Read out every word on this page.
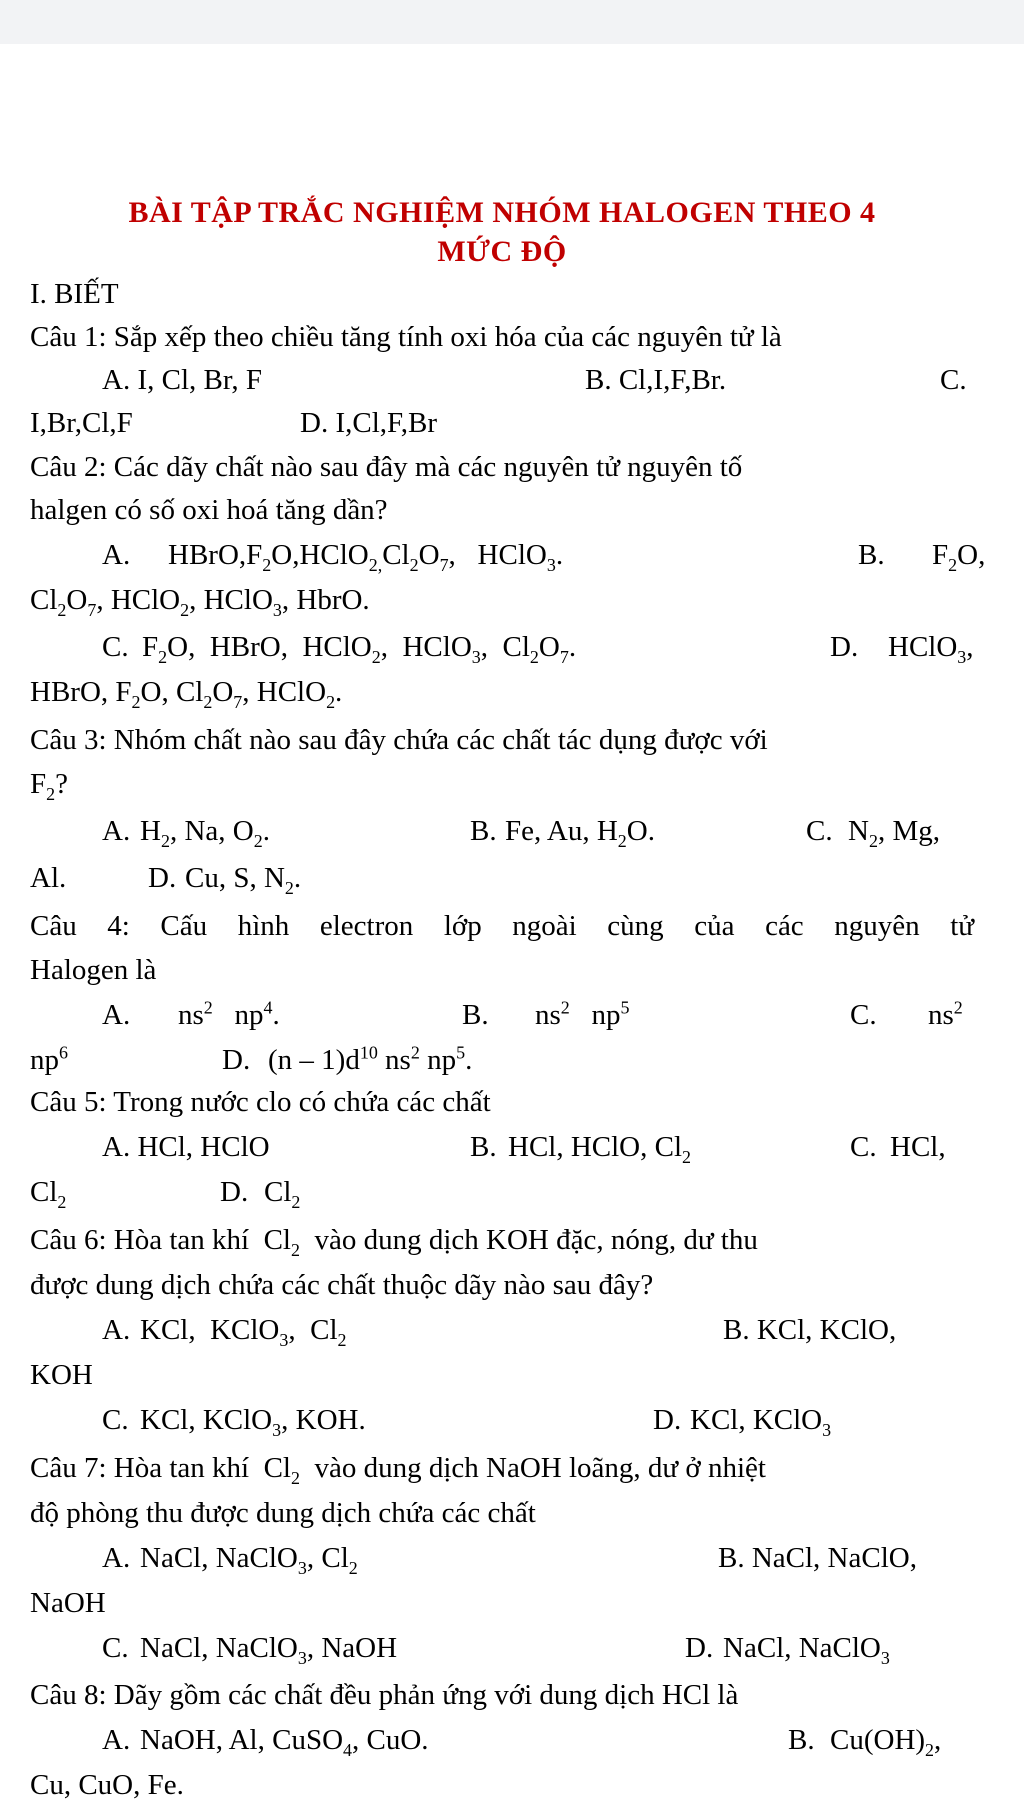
BÀI TẬP TRẮC NGHIỆM NHÓM HALOGEN THEO 4
MỨC ĐỘ
I. BIẾT
Câu 1: Sắp xếp theo chiều tăng tính oxi hóa của các nguyên tử là
A. I, Cl, Br, F	B. Cl,I,F,Br.	C.
I,Br,Cl,F	D. I,Cl,F,Br
Câu 2: Các dãy chất nào sau đây mà các nguyên tử nguyên tố
halgen có số oxi hoá tăng dần?
A. $HBrO,F_2O,HClO_{2,}Cl_2O_7$,   HClO$_3$.	B. $F_2O$,
$Cl_2O_7$, HClO$_2$, HClO$_3$, HbrO.
C. $F_2O$,  HBrO,  HClO$_2$,  HClO$_3$,  $Cl_2O_7$.	D. HClO$_3$,
HBrO, $F_2O$, $Cl_2O_7$, HClO$_2$.
Câu 3: Nhóm chất nào sau đây chứa các chất tác dụng được với
$F_2$?
A. $H_2$, Na, $O_2$.	B. Fe, Au, $H_2O$.	C. $N_2$, Mg,
Al.	D. Cu, S, $N_2$.
Câu 4: Cấu hình electron lớp ngoài cùng của các nguyên tử
Halogen là
A. $ns^2$   $np^4$.	B. $ns^2$   $np^5$	C. $ns^2$
$np^6$	D. $(n - 1)d^{10}$ $ns^2$ $np^5$.
Câu 5: Trong nước clo có chứa các chất
A. HCl, HClO	B. HCl, HClO, $Cl_2$	C. HCl,
$Cl_2$	D. $Cl_2$
Câu 6: Hòa tan khí  $Cl_2$ vào dung dịch KOH đặc, nóng, dư thu
được dung dịch chứa các chất thuộc dãy nào sau đây?
A. KCl,  KClO$_3$,  $Cl_2$	B. KCl, KClO,
KOH
C. KCl, KClO$_3$, KOH.	D. KCl, KClO$_3$
Câu 7: Hòa tan khí  $Cl_2$ vào dung dịch NaOH loãng, dư ở nhiệt
độ phòng thu được dung dịch chứa các chất
A. NaCl, NaClO$_3$, $Cl_2$	B. NaCl, NaClO,
NaOH
C. NaCl, NaClO$_3$, NaOH	D. NaCl, NaClO$_3$
Câu 8: Dãy gồm các chất đều phản ứng với dung dịch HCl là
A. NaOH, Al, CuSO$_4$, CuO.	B. $Cu(OH)_2$,
Cu, CuO, Fe.
